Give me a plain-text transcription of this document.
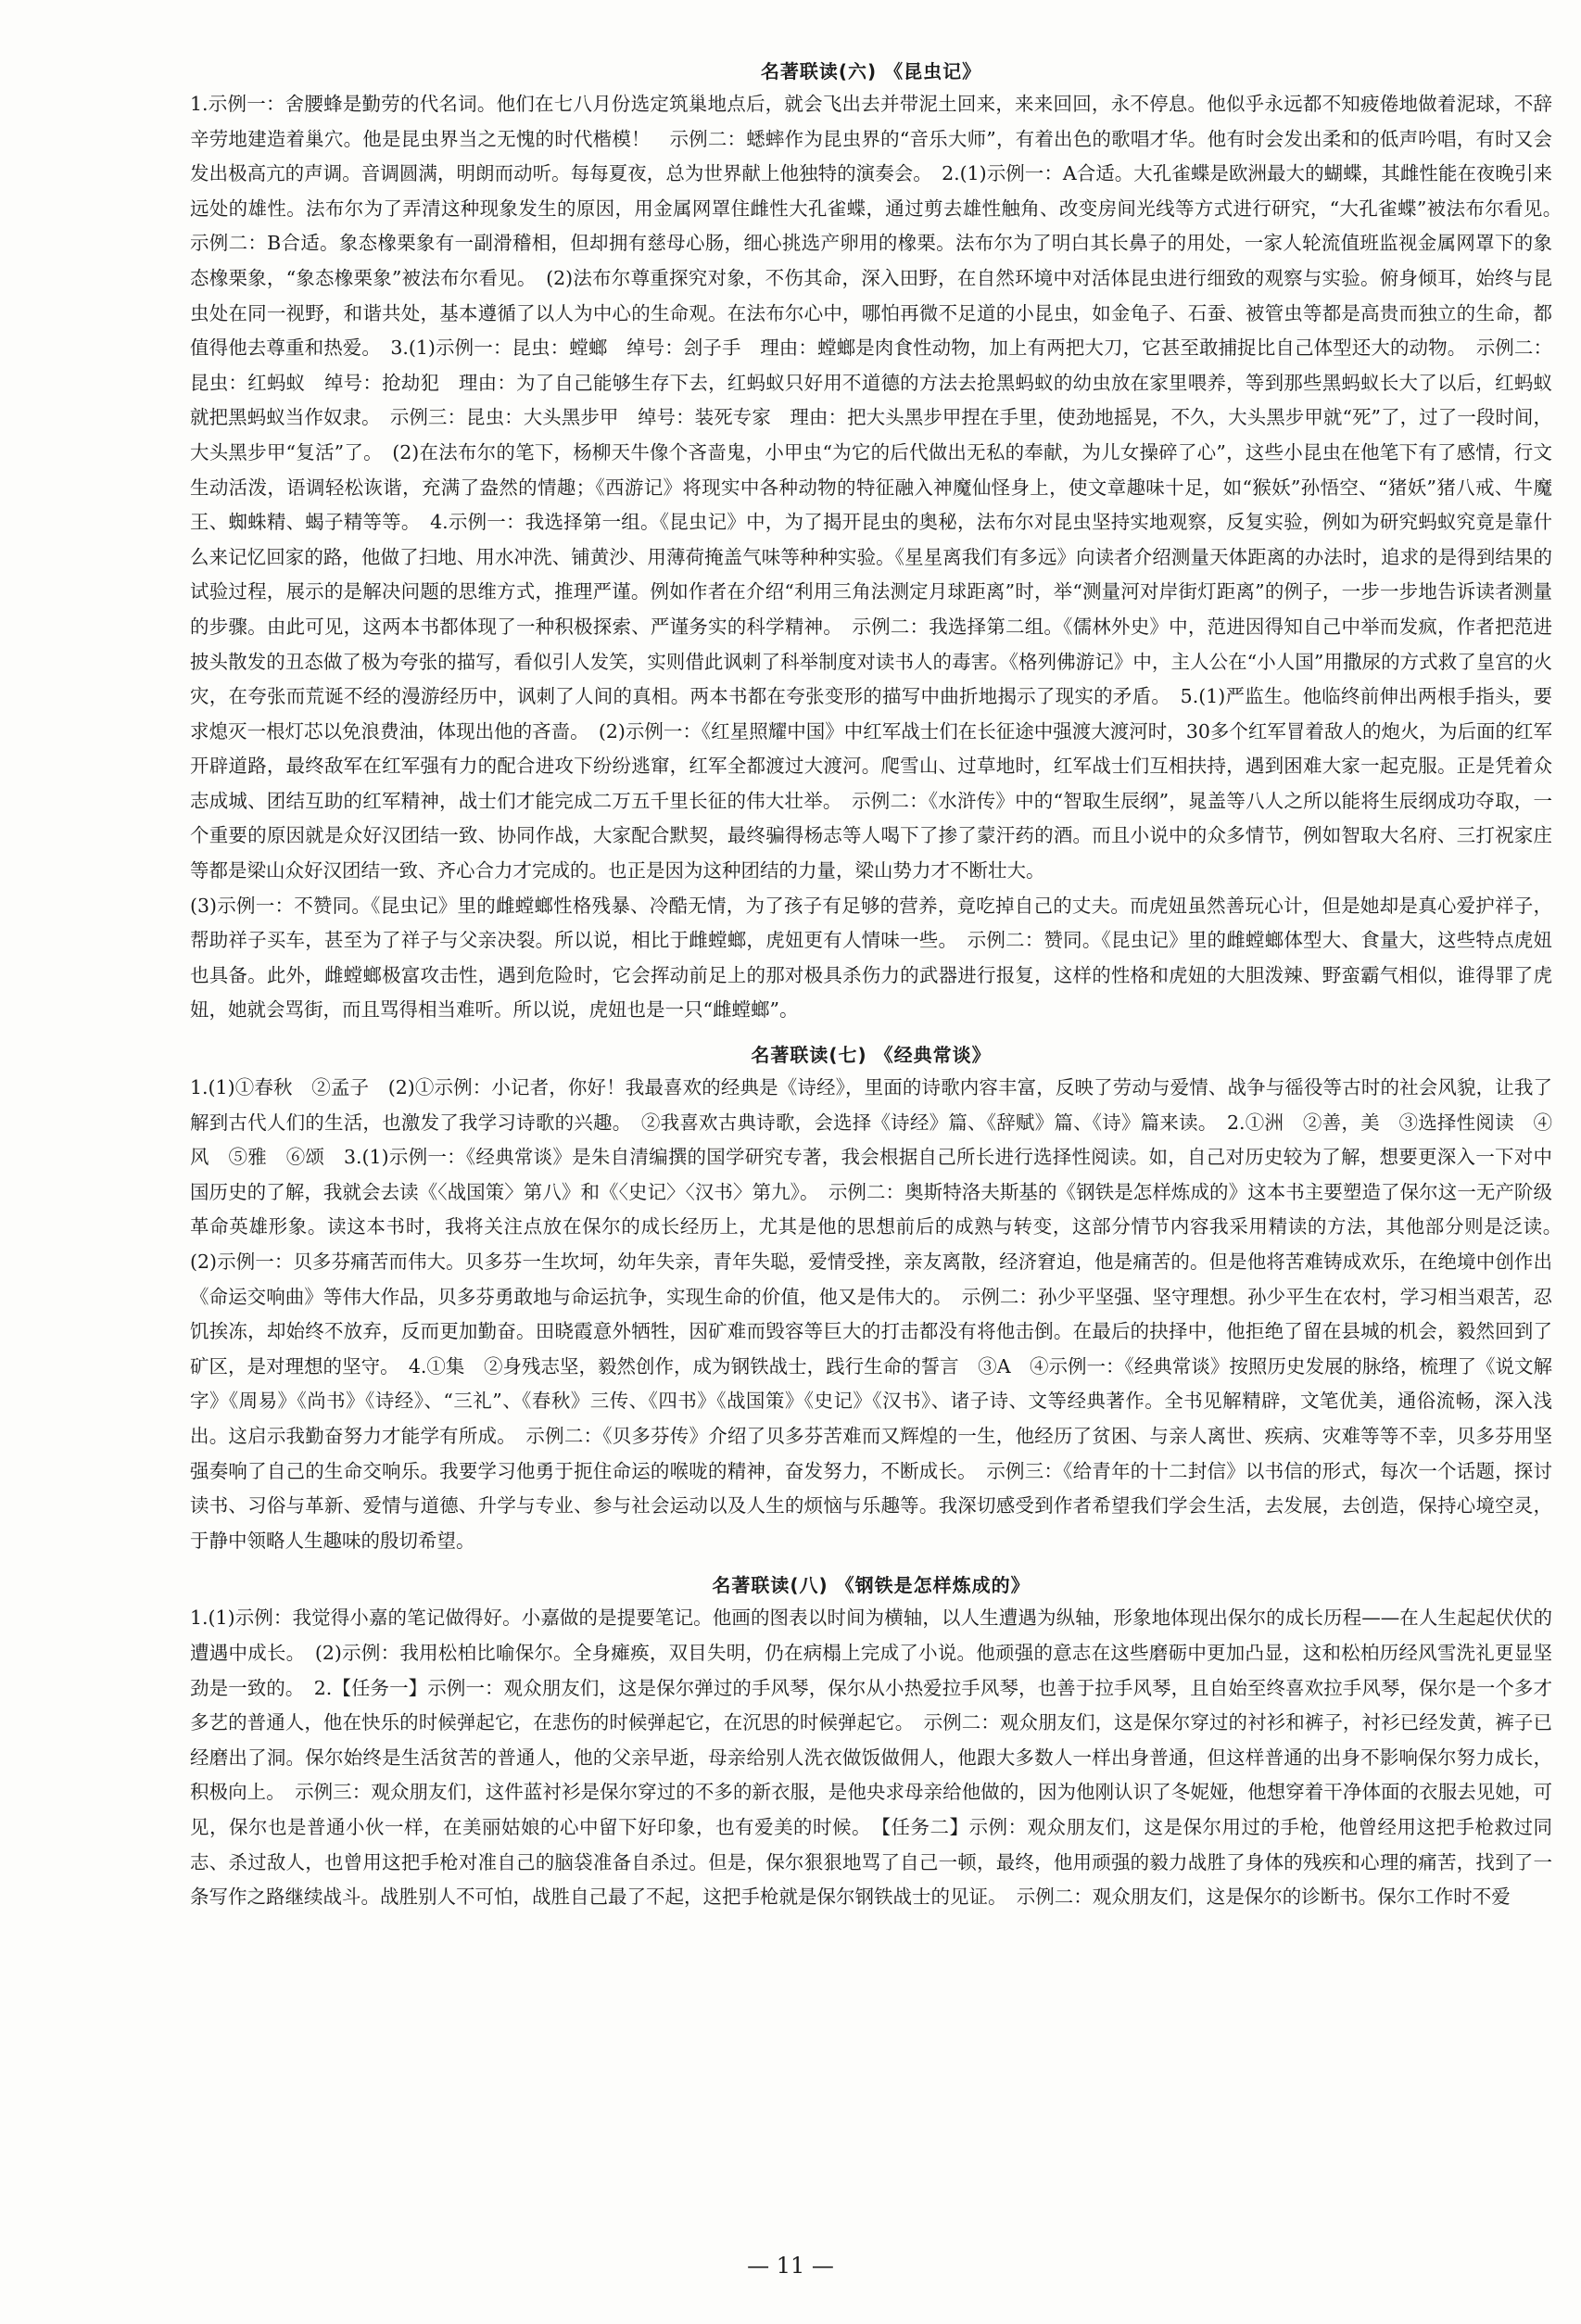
名著联读(六) 《昆虫记》

1.示例一：舍腰蜂是勤劳的代名词。他们在七八月份选定筑巢地点后，就会飞出去并带泥土回来，来来回回，永不停息。他似乎永远都不知疲倦地做着泥球，不辞辛劳地建造着巢穴。他是昆虫界当之无愧的时代楷模！　示例二：蟋蟀作为昆虫界的“音乐大师”，有着出色的歌唱才华。他有时会发出柔和的低声吟唱，有时又会发出极高亢的声调。音调圆满，明朗而动听。每每夏夜，总为世界献上他独特的演奏会。　2.(1)示例一：A合适。大孔雀蝶是欧洲最大的蝴蝶，其雌性能在夜晚引来远处的雄性。法布尔为了弄清这种现象发生的原因，用金属网罩住雌性大孔雀蝶，通过剪去雄性触角、改变房间光线等方式进行研究，“大孔雀蝶”被法布尔看见。　示例二：B合适。象态橡栗象有一副滑稽相，但却拥有慈母心肠，细心挑选产卵用的橡栗。法布尔为了明白其长鼻子的用处，一家人轮流值班监视金属网罩下的象态橡栗象，“象态橡栗象”被法布尔看见。　(2)法布尔尊重探究对象，不伤其命，深入田野，在自然环境中对活体昆虫进行细致的观察与实验。俯身倾耳，始终与昆虫处在同一视野，和谐共处，基本遵循了以人为中心的生命观。在法布尔心中，哪怕再微不足道的小昆虫，如金龟子、石蚕、被管虫等都是高贵而独立的生命，都值得他去尊重和热爱。　3.(1)示例一：昆虫：螳螂　绰号：刽子手　理由：螳螂是肉食性动物，加上有两把大刀，它甚至敢捕捉比自己体型还大的动物。　示例二：昆虫：红蚂蚁　绰号：抢劫犯　理由：为了自己能够生存下去，红蚂蚁只好用不道德的方法去抢黑蚂蚁的幼虫放在家里喂养，等到那些黑蚂蚁长大了以后，红蚂蚁就把黑蚂蚁当作奴隶。　示例三：昆虫：大头黑步甲　绰号：装死专家　理由：把大头黑步甲捏在手里，使劲地摇晃，不久，大头黑步甲就“死”了，过了一段时间，大头黑步甲“复活”了。　(2)在法布尔的笔下，杨柳天牛像个吝啬鬼，小甲虫“为它的后代做出无私的奉献，为儿女操碎了心”，这些小昆虫在他笔下有了感情，行文生动活泼，语调轻松诙谐，充满了盎然的情趣；《西游记》将现实中各种动物的特征融入神魔仙怪身上，使文章趣味十足，如“猴妖”孙悟空、“猪妖”猪八戒、牛魔王、蜘蛛精、蝎子精等等。　4.示例一：我选择第一组。《昆虫记》中，为了揭开昆虫的奥秘，法布尔对昆虫坚持实地观察，反复实验，例如为研究蚂蚁究竟是靠什么来记忆回家的路，他做了扫地、用水冲洗、铺黄沙、用薄荷掩盖气味等种种实验。《星星离我们有多远》向读者介绍测量天体距离的办法时，追求的是得到结果的试验过程，展示的是解决问题的思维方式，推理严谨。例如作者在介绍“利用三角法测定月球距离”时，举“测量河对岸街灯距离”的例子，一步一步地告诉读者测量的步骤。由此可见，这两本书都体现了一种积极探索、严谨务实的科学精神。　示例二：我选择第二组。《儒林外史》中，范进因得知自己中举而发疯，作者把范进披头散发的丑态做了极为夸张的描写，看似引人发笑，实则借此讽刺了科举制度对读书人的毒害。《格列佛游记》中，主人公在“小人国”用撒尿的方式救了皇宫的火灾，在夸张而荒诞不经的漫游经历中，讽刺了人间的真相。两本书都在夸张变形的描写中曲折地揭示了现实的矛盾。　5.(1)严监生。他临终前伸出两根手指头，要求熄灭一根灯芯以免浪费油，体现出他的吝啬。　(2)示例一：《红星照耀中国》中红军战士们在长征途中强渡大渡河时，30多个红军冒着敌人的炮火，为后面的红军开辟道路，最终敌军在红军强有力的配合进攻下纷纷逃窜，红军全都渡过大渡河。爬雪山、过草地时，红军战士们互相扶持，遇到困难大家一起克服。正是凭着众志成城、团结互助的红军精神，战士们才能完成二万五千里长征的伟大壮举。　示例二：《水浒传》中的“智取生辰纲”，晁盖等八人之所以能将生辰纲成功夺取，一个重要的原因就是众好汉团结一致、协同作战，大家配合默契，最终骗得杨志等人喝下了掺了蒙汗药的酒。而且小说中的众多情节，例如智取大名府、三打祝家庄等都是梁山众好汉团结一致、齐心合力才完成的。也正是因为这种团结的力量，梁山势力才不断壮大。

(3)示例一：不赞同。《昆虫记》里的雌螳螂性格残暴、冷酷无情，为了孩子有足够的营养，竟吃掉自己的丈夫。而虎妞虽然善玩心计，但是她却是真心爱护祥子，帮助祥子买车，甚至为了祥子与父亲决裂。所以说，相比于雌螳螂，虎妞更有人情味一些。　示例二：赞同。《昆虫记》里的雌螳螂体型大、食量大，这些特点虎妞也具备。此外，雌螳螂极富攻击性，遇到危险时，它会挥动前足上的那对极具杀伤力的武器进行报复，这样的性格和虎妞的大胆泼辣、野蛮霸气相似，谁得罪了虎妞，她就会骂街，而且骂得相当难听。所以说，虎妞也是一只“雌螳螂”。

名著联读(七) 《经典常谈》

1.(1)①春秋　②孟子　(2)①示例：小记者，你好！我最喜欢的经典是《诗经》，里面的诗歌内容丰富，反映了劳动与爱情、战争与徭役等古时的社会风貌，让我了解到古代人们的生活，也激发了我学习诗歌的兴趣。　②我喜欢古典诗歌，会选择《诗经》篇、《辞赋》篇、《诗》篇来读。　2.①洲　②善，美　③选择性阅读　④风　⑤雅　⑥颂　3.(1)示例一：《经典常谈》是朱自清编撰的国学研究专著，我会根据自己所长进行选择性阅读。如，自己对历史较为了解，想要更深入一下对中国历史的了解，我就会去读《〈战国策〉第八》和《〈史记〉〈汉书〉第九》。　示例二：奥斯特洛夫斯基的《钢铁是怎样炼成的》这本书主要塑造了保尔这一无产阶级革命英雄形象。读这本书时，我将关注点放在保尔的成长经历上，尤其是他的思想前后的成熟与转变，这部分情节内容我采用精读的方法，其他部分则是泛读。　(2)示例一：贝多芬痛苦而伟大。贝多芬一生坎坷，幼年失亲，青年失聪，爱情受挫，亲友离散，经济窘迫，他是痛苦的。但是他将苦难铸成欢乐，在绝境中创作出《命运交响曲》等伟大作品，贝多芬勇敢地与命运抗争，实现生命的价值，他又是伟大的。　示例二：孙少平坚强、坚守理想。孙少平生在农村，学习相当艰苦，忍饥挨冻，却始终不放弃，反而更加勤奋。田晓霞意外牺牲，因矿难而毁容等巨大的打击都没有将他击倒。在最后的抉择中，他拒绝了留在县城的机会，毅然回到了矿区，是对理想的坚守。　4.①集　②身残志坚，毅然创作，成为钢铁战士，践行生命的誓言　③A　④示例一：《经典常谈》按照历史发展的脉络，梳理了《说文解字》《周易》《尚书》《诗经》、“三礼”、《春秋》三传、《四书》《战国策》《史记》《汉书》、诸子诗、文等经典著作。全书见解精辟，文笔优美，通俗流畅，深入浅出。这启示我勤奋努力才能学有所成。　示例二：《贝多芬传》介绍了贝多芬苦难而又辉煌的一生，他经历了贫困、与亲人离世、疾病、灾难等等不幸，贝多芬用坚强奏响了自己的生命交响乐。我要学习他勇于扼住命运的喉咙的精神，奋发努力，不断成长。　示例三：《给青年的十二封信》以书信的形式，每次一个话题，探讨读书、习俗与革新、爱情与道德、升学与专业、参与社会运动以及人生的烦恼与乐趣等。我深切感受到作者希望我们学会生活，去发展，去创造，保持心境空灵，于静中领略人生趣味的殷切希望。

名著联读(八) 《钢铁是怎样炼成的》

1.(1)示例：我觉得小嘉的笔记做得好。小嘉做的是提要笔记。他画的图表以时间为横轴，以人生遭遇为纵轴，形象地体现出保尔的成长历程——在人生起起伏伏的遭遇中成长。　(2)示例：我用松柏比喻保尔。全身瘫痪，双目失明，仍在病榻上完成了小说。他顽强的意志在这些磨砺中更加凸显，这和松柏历经风雪洗礼更显坚劲是一致的。　2.【任务一】示例一：观众朋友们，这是保尔弹过的手风琴，保尔从小热爱拉手风琴，也善于拉手风琴，且自始至终喜欢拉手风琴，保尔是一个多才多艺的普通人，他在快乐的时候弹起它，在悲伤的时候弹起它，在沉思的时候弹起它。　示例二：观众朋友们，这是保尔穿过的衬衫和裤子，衬衫已经发黄，裤子已经磨出了洞。保尔始终是生活贫苦的普通人，他的父亲早逝，母亲给别人洗衣做饭做佣人，他跟大多数人一样出身普通，但这样普通的出身不影响保尔努力成长，积极向上。　示例三：观众朋友们，这件蓝衬衫是保尔穿过的不多的新衣服，是他央求母亲给他做的，因为他刚认识了冬妮娅，他想穿着干净体面的衣服去见她，可见，保尔也是普通小伙一样，在美丽姑娘的心中留下好印象，也有爱美的时候。　【任务二】示例：观众朋友们，这是保尔用过的手枪，他曾经用这把手枪救过同志、杀过敌人，也曾用这把手枪对准自己的脑袋准备自杀过。但是，保尔狠狠地骂了自己一顿，最终，他用顽强的毅力战胜了身体的残疾和心理的痛苦，找到了一条写作之路继续战斗。战胜别人不可怕，战胜自己最了不起，这把手枪就是保尔钢铁战士的见证。　示例二：观众朋友们，这是保尔的诊断书。保尔工作时不爱

— 11 —
